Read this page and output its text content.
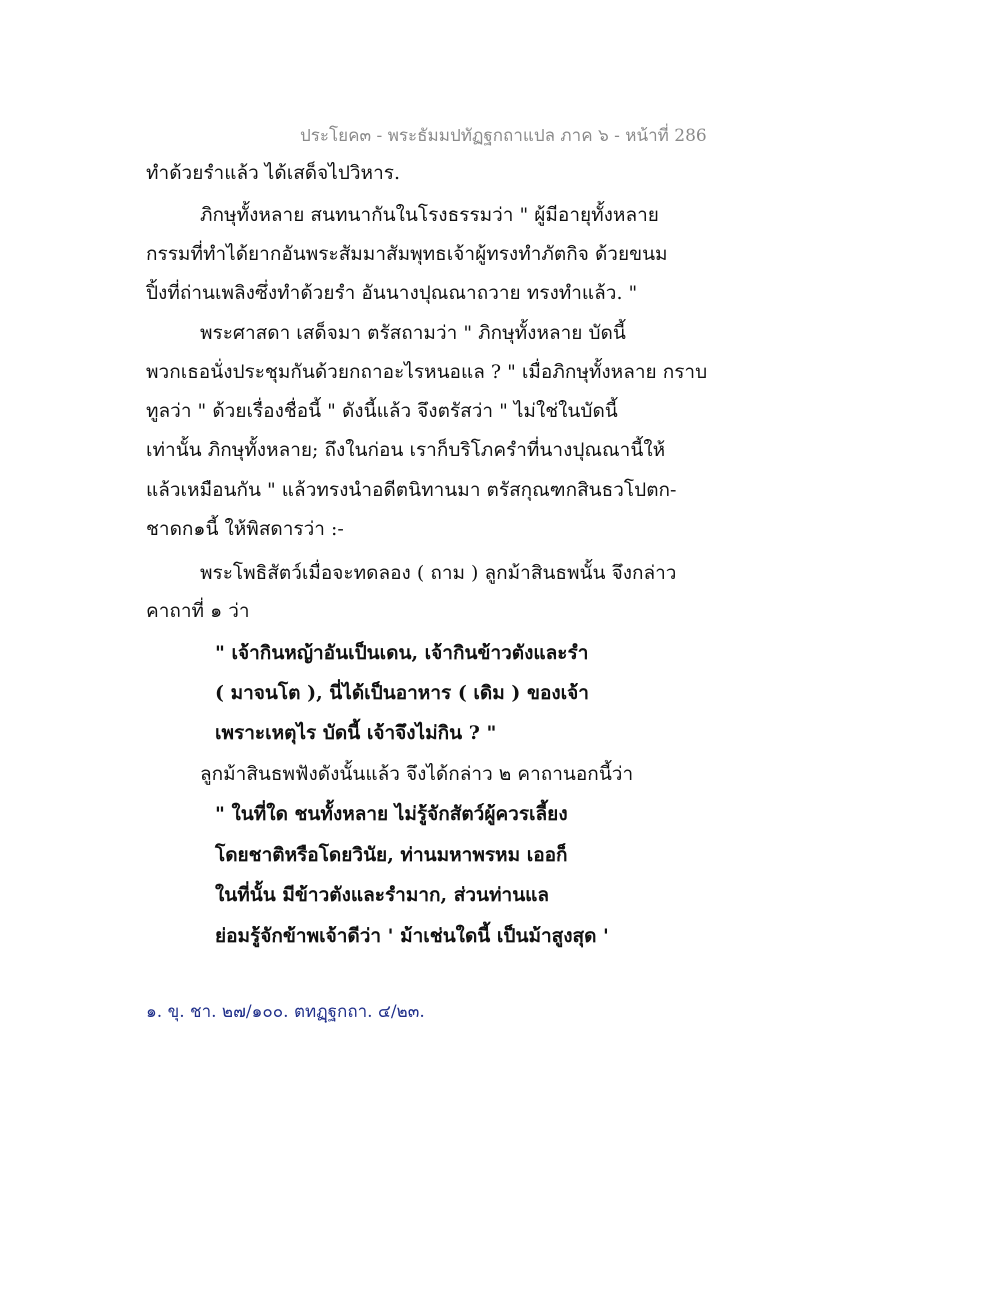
ประโยค๓ - พระธัมมปทัฏฐกถาแปล ภาค ๖ - หน้าที่ 286
ทำด้วยรำแล้ว ได้เสด็จไปวิหาร.
ภิกษุทั้งหลาย สนทนากันในโรงธรรมว่า " ผู้มีอายุทั้งหลาย
กรรมที่ทำได้ยากอันพระสัมมาสัมพุทธเจ้าผู้ทรงทำภัตกิจ ด้วยขนม
ปิ้งที่ถ่านเพลิงซึ่งทำด้วยรำ อันนางปุณณาถวาย ทรงทำแล้ว. "
พระศาสดา เสด็จมา ตรัสถามว่า " ภิกษุทั้งหลาย บัดนี้
พวกเธอนั่งประชุมกันด้วยกถาอะไรหนอแล ? " เมื่อภิกษุทั้งหลาย กราบ
ทูลว่า " ด้วยเรื่องชื่อนี้ " ดังนี้แล้ว จึงตรัสว่า " ไม่ใช่ในบัดนี้
เท่านั้น ภิกษุทั้งหลาย; ถึงในก่อน เราก็บริโภครำที่นางปุณณานี้ให้
แล้วเหมือนกัน " แล้วทรงนำอดีตนิทานมา ตรัสกุณฑกสินธวโปตก-
ชาดก๑นี้ ให้พิสดารว่า :-
พระโพธิสัตว์เมื่อจะทดลอง ( ถาม ) ลูกม้าสินธพนั้น จึงกล่าว
คาถาที่ ๑ ว่า
" เจ้ากินหญ้าอันเป็นเดน, เจ้ากินข้าวตังและรำ
( มาจนโต ), นี่ได้เป็นอาหาร ( เดิม ) ของเจ้า
เพราะเหตุไร บัดนี้ เจ้าจึงไม่กิน ? "
ลูกม้าสินธพฟังดังนั้นแล้ว จึงได้กล่าว ๒ คาถานอกนี้ว่า
" ในที่ใด ชนทั้งหลาย ไม่รู้จักสัตว์ผู้ควรเลี้ยง
โดยชาติหรือโดยวินัย, ท่านมหาพรหม เออก็
ในที่นั้น มีข้าวตังและรำมาก, ส่วนท่านแล
ย่อมรู้จักข้าพเจ้าดีว่า ' ม้าเช่นใดนี้ เป็นม้าสูงสุด '
๑. ขุ. ชา. ๒๗/๑๐๐. ตทฏฺฐกถา. ๔/๒๓.
